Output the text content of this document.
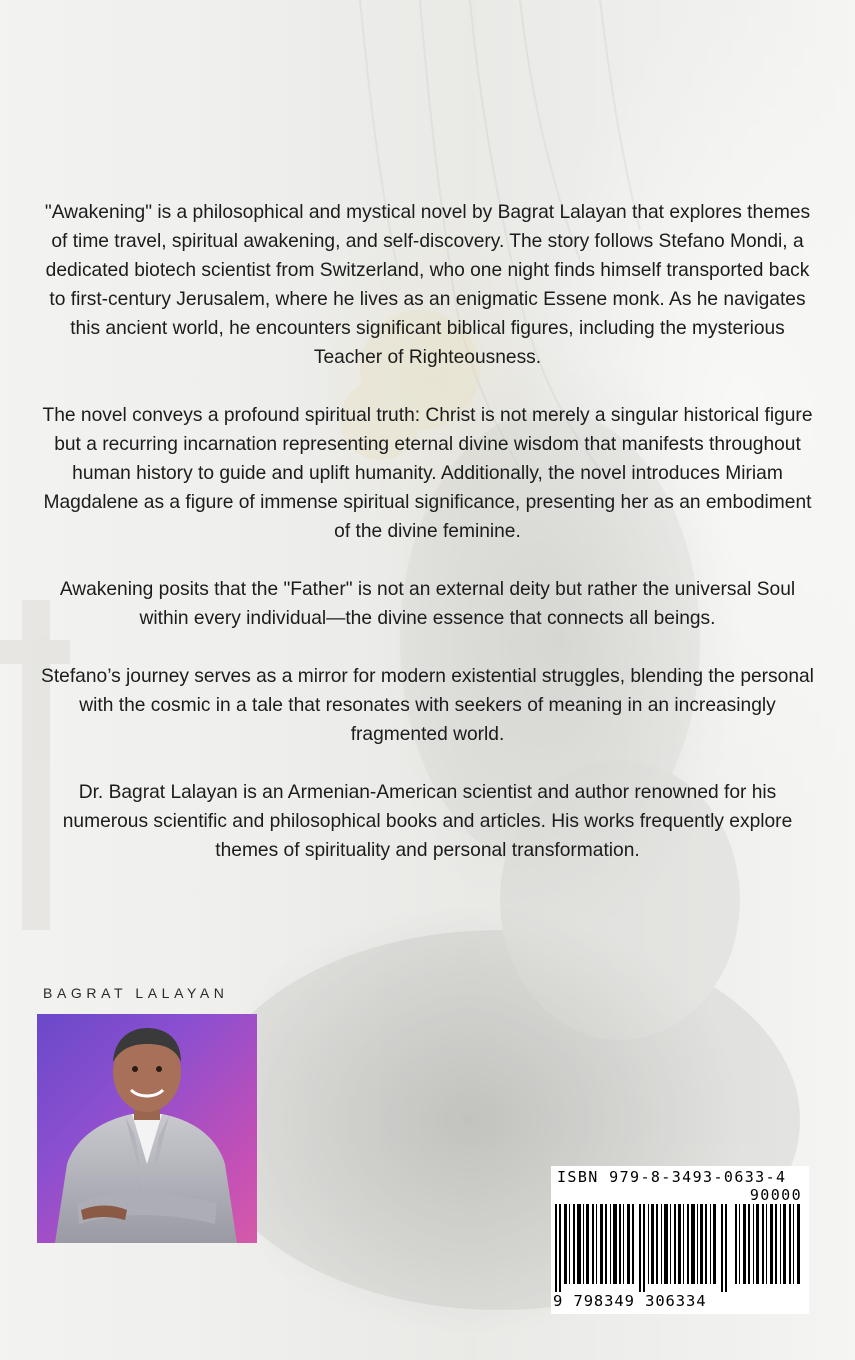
"Awakening" is a philosophical and mystical novel by Bagrat Lalayan that explores themes of time travel, spiritual awakening, and self-discovery. The story follows Stefano Mondi, a dedicated biotech scientist from Switzerland, who one night finds himself transported back to first-century Jerusalem, where he lives as an enigmatic Essene monk. As he navigates this ancient world, he encounters significant biblical figures, including the mysterious Teacher of Righteousness.

The novel conveys a profound spiritual truth: Christ is not merely a singular historical figure but a recurring incarnation representing eternal divine wisdom that manifests throughout human history to guide and uplift humanity. Additionally, the novel introduces Miriam Magdalene as a figure of immense spiritual significance, presenting her as an embodiment of the divine feminine.

Awakening posits that the "Father" is not an external deity but rather the universal Soul within every individual—the divine essence that connects all beings.

Stefano’s journey serves as a mirror for modern existential struggles, blending the personal with the cosmic in a tale that resonates with seekers of meaning in an increasingly fragmented world.

Dr. Bagrat Lalayan is an Armenian-American scientist and author renowned for his numerous scientific and philosophical books and articles. His works frequently explore themes of spirituality and personal transformation.

BAGRAT LALAYAN
ISBN 979-8-3493-0633-4
90000
9 798349 306334
